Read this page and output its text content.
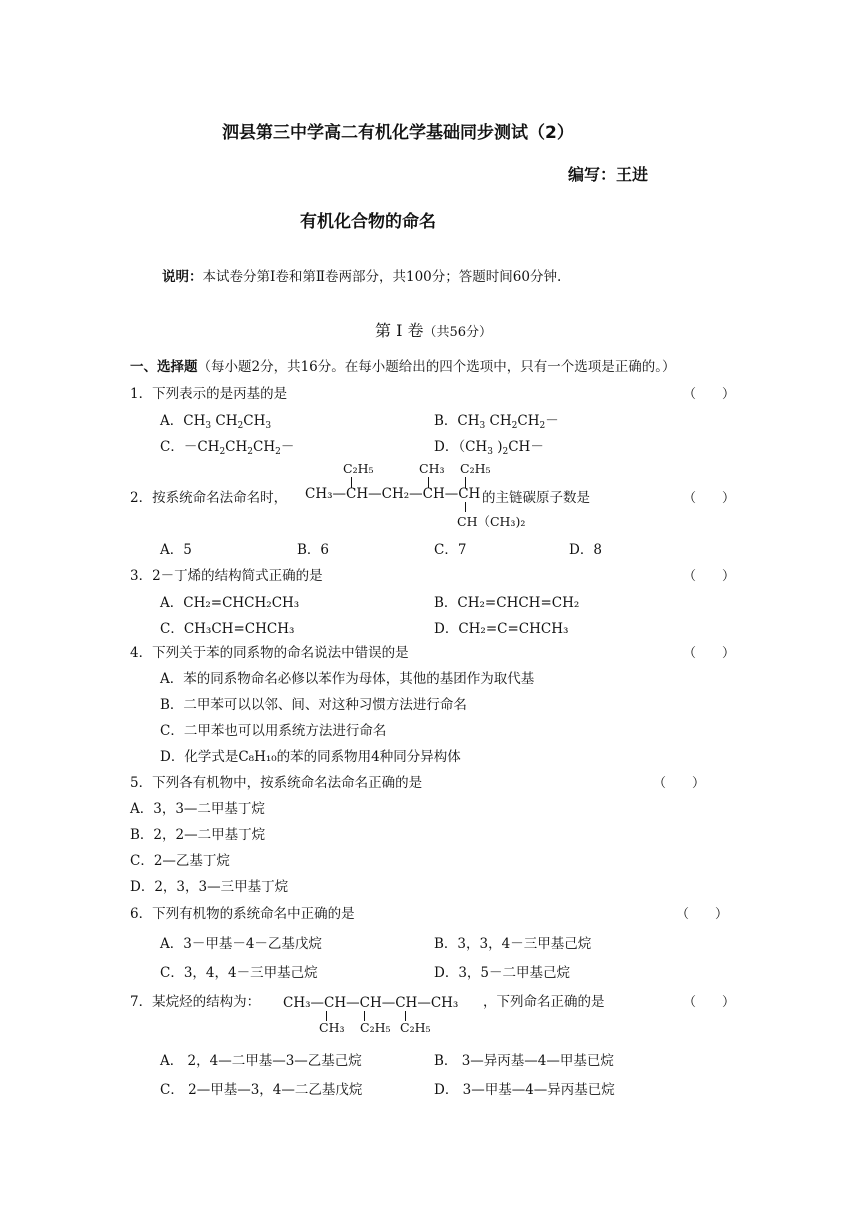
泗县第三中学高二有机化学基础同步测试（2）
编写：王进
有机化合物的命名
说明：本试卷分第Ⅰ卷和第Ⅱ卷两部分，共100分；答题时间60分钟.
第 Ⅰ 卷（共56分）
一、选择题（每小题2分，共16分。在每小题给出的四个选项中，只有一个选项是正确的。）
1．下列表示的是丙基的是	（　　）
A．$CH_3$ $CH_2CH_3$	B．$CH_3$ $CH_2CH_2-$
C．$-CH_2CH_2CH_2-$	D．（$CH_3$ )$_2CH-$
C₂H₅	CH₃ C₂H₅
2．按系统命名法命名时， CH₃—CH—CH₂—CH—CH 的主链碳原子数是	（　　）
CH（CH₃)₂
A．5	B．6	C．7	D．8
3．2－丁烯的结构简式正确的是	（　　）
A．CH₂=CHCH₂CH₃	B．CH₂=CHCH=CH₂
C．CH₃CH=CHCH₃	D．CH₂=C=CHCH₃
4．下列关于苯的同系物的命名说法中错误的是	（　　）
A．苯的同系物命名必修以苯作为母体，其他的基团作为取代基
B．二甲苯可以以邻、间、对这种习惯方法进行命名
C．二甲苯也可以用系统方法进行命名
D．化学式是C₈H₁₀的苯的同系物用4种同分异构体
5．下列各有机物中，按系统命名法命名正确的是	（　　）
A．3，3—二甲基丁烷
B．2，2—二甲基丁烷
C．2—乙基丁烷
D．2，3，3—三甲基丁烷
6．下列有机物的系统命名中正确的是	（　　）
A．3－甲基－4－乙基戊烷	B．3，3，4－三甲基己烷
C．3，4，4－三甲基己烷	D．3，5－二甲基己烷
7．某烷烃的结构为： CH₃—CH—CH—CH—CH₃ ，下列命名正确的是	（　　）
CH₃ C₂H₅ C₂H₅
A． 2，4—二甲基—3—乙基己烷	B． 3—异丙基—4—甲基已烷
C． 2—甲基—3，4—二乙基戊烷	D． 3—甲基—4—异丙基已烷
